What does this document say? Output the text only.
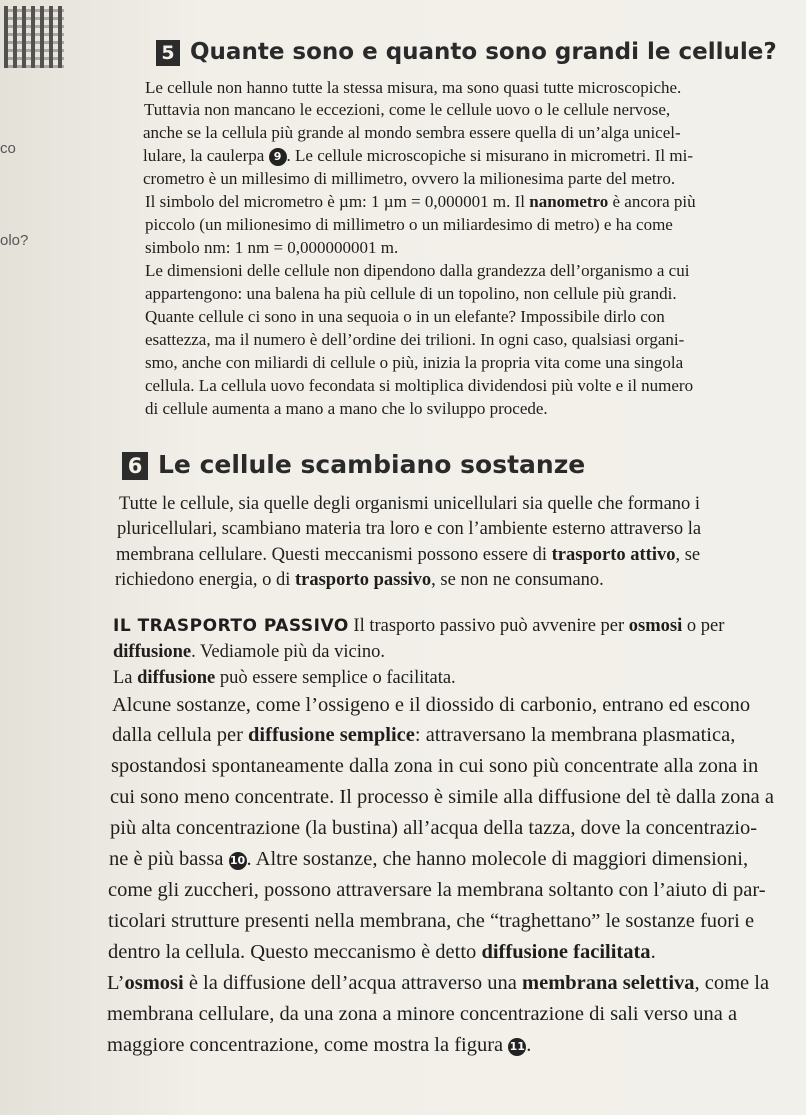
co
olo?
5 Quante sono e quanto sono grandi le cellule?
Le cellule non hanno tutte la stessa misura, ma sono quasi tutte microscopiche.
Tuttavia non mancano le eccezioni, come le cellule uovo o le cellule nervose,
anche se la cellula più grande al mondo sembra essere quella di un’alga unicel-
lulare, la caulerpa 9 . Le cellule microscopiche si misurano in micrometri. Il mi-
crometro è un millesimo di millimetro, ovvero la milionesima parte del metro.
Il simbolo del micrometro è µm: 1 µm = 0,000001 m. Il nanometro è ancora più
piccolo (un milionesimo di millimetro o un miliardesimo di metro) e ha come
simbolo nm: 1 nm = 0,000000001 m.
Le dimensioni delle cellule non dipendono dalla grandezza dell’organismo a cui
appartengono: una balena ha più cellule di un topolino, non cellule più grandi.
Quante cellule ci sono in una sequoia o in un elefante? Impossibile dirlo con
esattezza, ma il numero è dell’ordine dei trilioni. In ogni caso, qualsiasi organi-
smo, anche con miliardi di cellule o più, inizia la propria vita come una singola
cellula. La cellula uovo fecondata si moltiplica dividendosi più volte e il numero
di cellule aumenta a mano a mano che lo sviluppo procede.
6 Le cellule scambiano sostanze
Tutte le cellule, sia quelle degli organismi unicellulari sia quelle che formano i
pluricellulari, scambiano materia tra loro e con l’ambiente esterno attraverso la
membrana cellulare. Questi meccanismi possono essere di trasporto attivo, se
richiedono energia, o di trasporto passivo, se non ne consumano.
IL TRASPORTO PASSIVO Il trasporto passivo può avvenire per osmosi o per
diffusione. Vediamole più da vicino.
La diffusione può essere semplice o facilitata.
Alcune sostanze, come l’ossigeno e il diossido di carbonio, entrano ed escono
dalla cellula per diffusione semplice: attraversano la membrana plasmatica,
spostandosi spontaneamente dalla zona in cui sono più concentrate alla zona in
cui sono meno concentrate. Il processo è simile alla diffusione del tè dalla zona a
più alta concentrazione (la bustina) all’acqua della tazza, dove la concentrazio-
ne è più bassa 10. Altre sostanze, che hanno molecole di maggiori dimensioni,
come gli zuccheri, possono attraversare la membrana soltanto con l’aiuto di par-
ticolari strutture presenti nella membrana, che “traghettano” le sostanze fuori e
dentro la cellula. Questo meccanismo è detto diffusione facilitata.
L’osmosi è la diffusione dell’acqua attraverso una membrana selettiva, come la
membrana cellulare, da una zona a minore concentrazione di sali verso una a
maggiore concentrazione, come mostra la figura 11.
